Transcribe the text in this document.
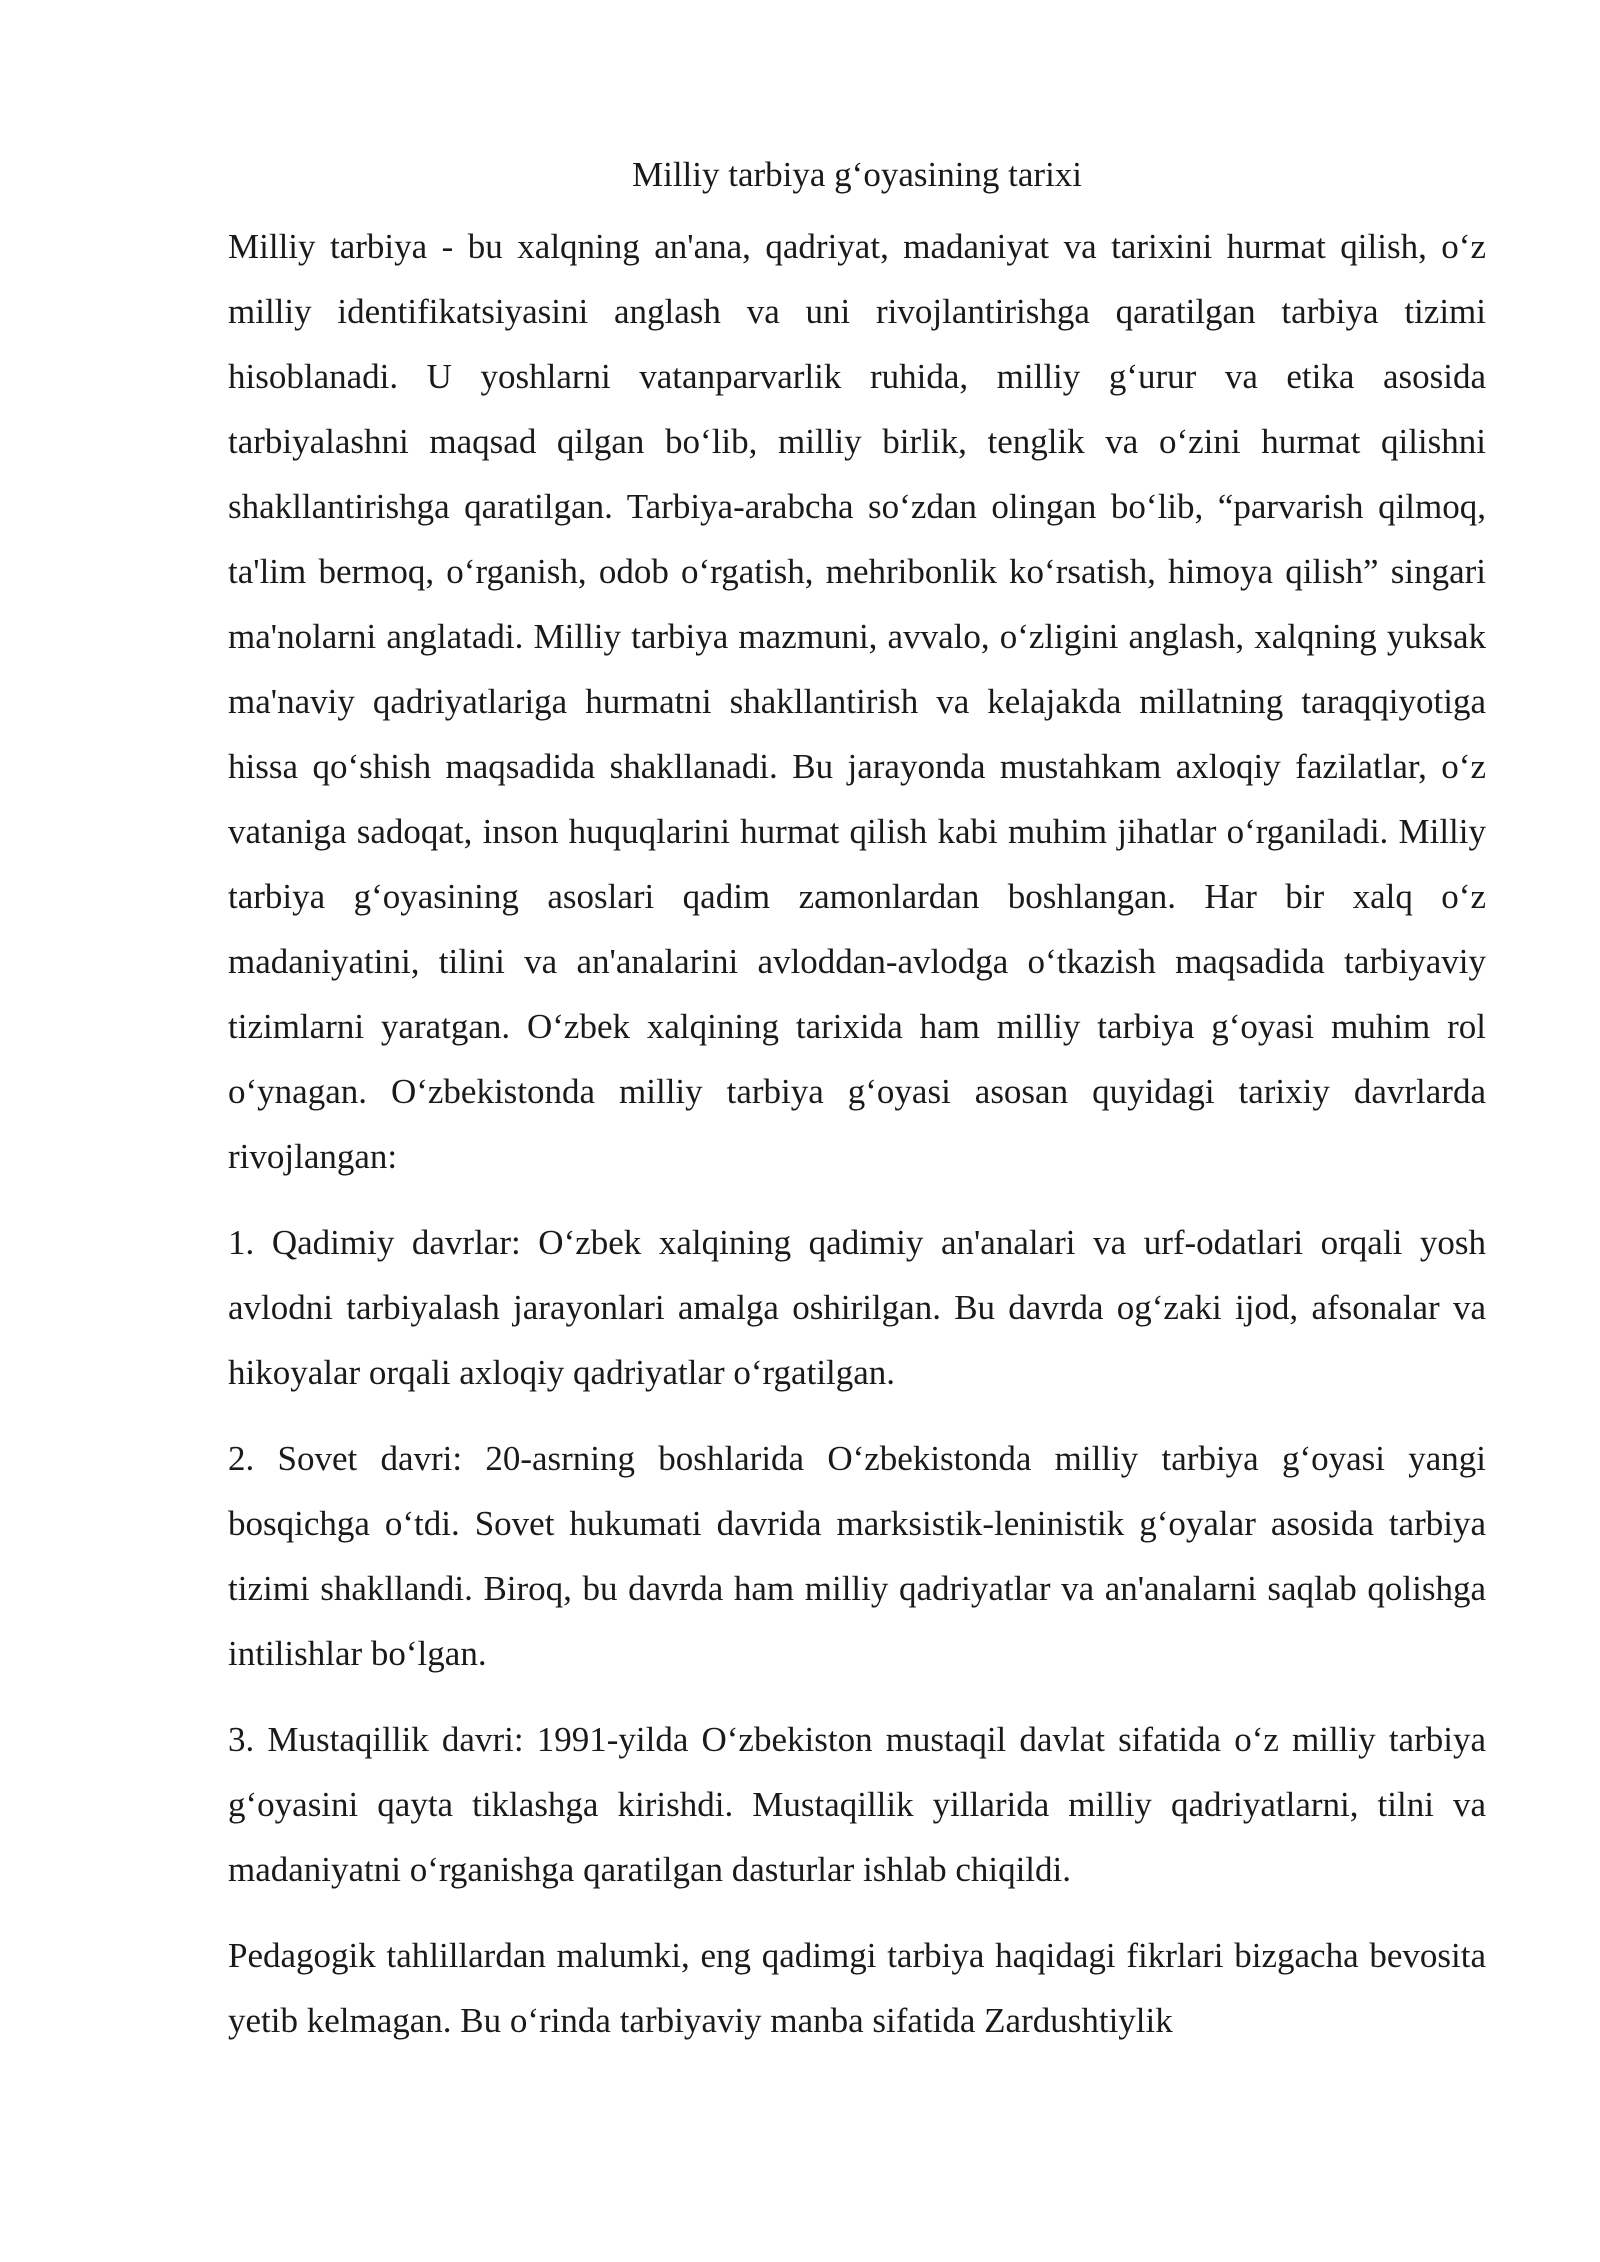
Milliy tarbiya g‘oyasining tarixi

Milliy tarbiya - bu xalqning an'ana, qadriyat, madaniyat va tarixini hurmat qilish, o‘z milliy identifikatsiyasini anglash va uni rivojlantirishga qaratilgan tarbiya tizimi hisoblanadi. U yoshlarni vatanparvarlik ruhida, milliy g‘urur va etika asosida tarbiyalashni maqsad qilgan bo‘lib, milliy birlik, tenglik va o‘zini hurmat qilishni shakllantirishga qaratilgan. Tarbiya-arabcha so‘zdan olingan bo‘lib, “parvarish qilmoq, ta'lim bermoq, o‘rganish, odob o‘rgatish, mehribonlik ko‘rsatish, himoya qilish” singari ma'nolarni anglatadi. Milliy tarbiya mazmuni, avvalo, o‘zligini anglash, xalqning yuksak ma'naviy qadriyatlariga hurmatni shakllantirish va kelajakda millatning taraqqiyotiga hissa qo‘shish maqsadida shakllanadi. Bu jarayonda mustahkam axloqiy fazilatlar, o‘z vataniga sadoqat, inson huquqlarini hurmat qilish kabi muhim jihatlar o‘rganiladi. Milliy tarbiya g‘oyasining asoslari qadim zamonlardan boshlangan. Har bir xalq o‘z madaniyatini, tilini va an'analarini avloddan-avlodga o‘tkazish maqsadida tarbiyaviy tizimlarni yaratgan. O‘zbek xalqining tarixida ham milliy tarbiya g‘oyasi muhim rol o‘ynagan. O‘zbekistonda milliy tarbiya g‘oyasi asosan quyidagi tarixiy davrlarda rivojlangan:

1. Qadimiy davrlar: O‘zbek xalqining qadimiy an'analari va urf-odatlari orqali yosh avlodni tarbiyalash jarayonlari amalga oshirilgan. Bu davrda og‘zaki ijod, afsonalar va hikoyalar orqali axloqiy qadriyatlar o‘rgatilgan.

2. Sovet davri: 20-asrning boshlarida O‘zbekistonda milliy tarbiya g‘oyasi yangi bosqichga o‘tdi. Sovet hukumati davrida marksistik-leninistik g‘oyalar asosida tarbiya tizimi shakllandi. Biroq, bu davrda ham milliy qadriyatlar va an'analarni saqlab qolishga intilishlar bo‘lgan.

3. Mustaqillik davri: 1991-yilda O‘zbekiston mustaqil davlat sifatida o‘z milliy tarbiya g‘oyasini qayta tiklashga kirishdi. Mustaqillik yillarida milliy qadriyatlarni, tilni va madaniyatni o‘rganishga qaratilgan dasturlar ishlab chiqildi.

Pedagogik tahlillardan malumki, eng qadimgi tarbiya haqidagi fikrlari bizgacha bevosita yetib kelmagan. Bu o‘rinda tarbiyaviy manba sifatida Zardushtiylik
